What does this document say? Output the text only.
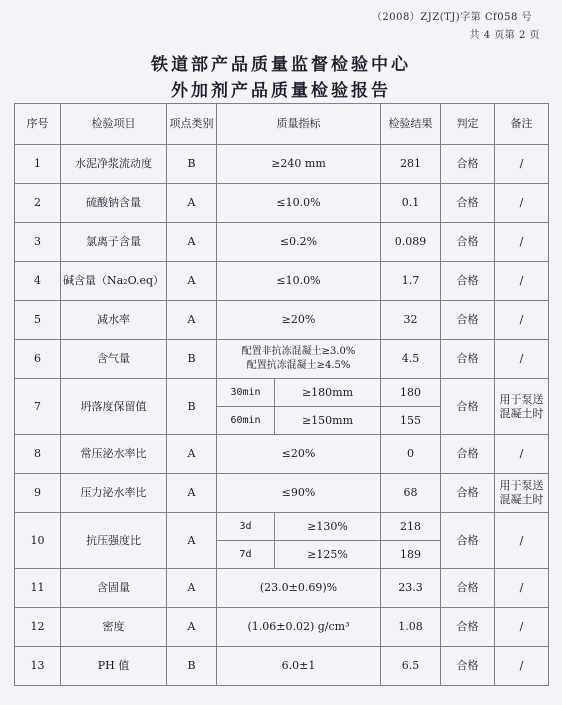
（2008）ZJZ(TJ)字第 Cf058 号
共 4 页第 2 页
铁道部产品质量监督检验中心
外加剂产品质量检验报告
序号	检验项目	项点类别	质量指标		检验结果	判定	备注
1	水泥净浆流动度	B	≥240 mm		281	合格	/
2	硫酸钠含量	A	≤10.0%		0.1	合格	/
3	氯离子含量	A	≤0.2%		0.089	合格	/
4	碱含量（Na₂O.eq）	A	≤10.0%		1.7	合格	/
5	减水率	A	≥20%		32	合格	/
6	含气量	B	配置非抗冻混凝土≥3.0%
配置抗冻混凝土≥4.5%		4.5	合格	/
7	坍落度保留值	B	30min	≥180mm	180	合格	用于泵送混凝土时
			60min	≥150mm	155		
8	常压泌水率比	A	≤20%		0	合格	/
9	压力泌水率比	A	≤90%		68	合格	用于泵送混凝土时
10	抗压强度比	A	3d	≥130%	218	合格	/
			7d	≥125%	189		
11	含固量	A	(23.0±0.69)%		23.3	合格	/
12	密度	A	(1.06±0.02) g/cm³		1.08	合格	/
13	PH 值	B	6.0±1		6.5	合格	/
